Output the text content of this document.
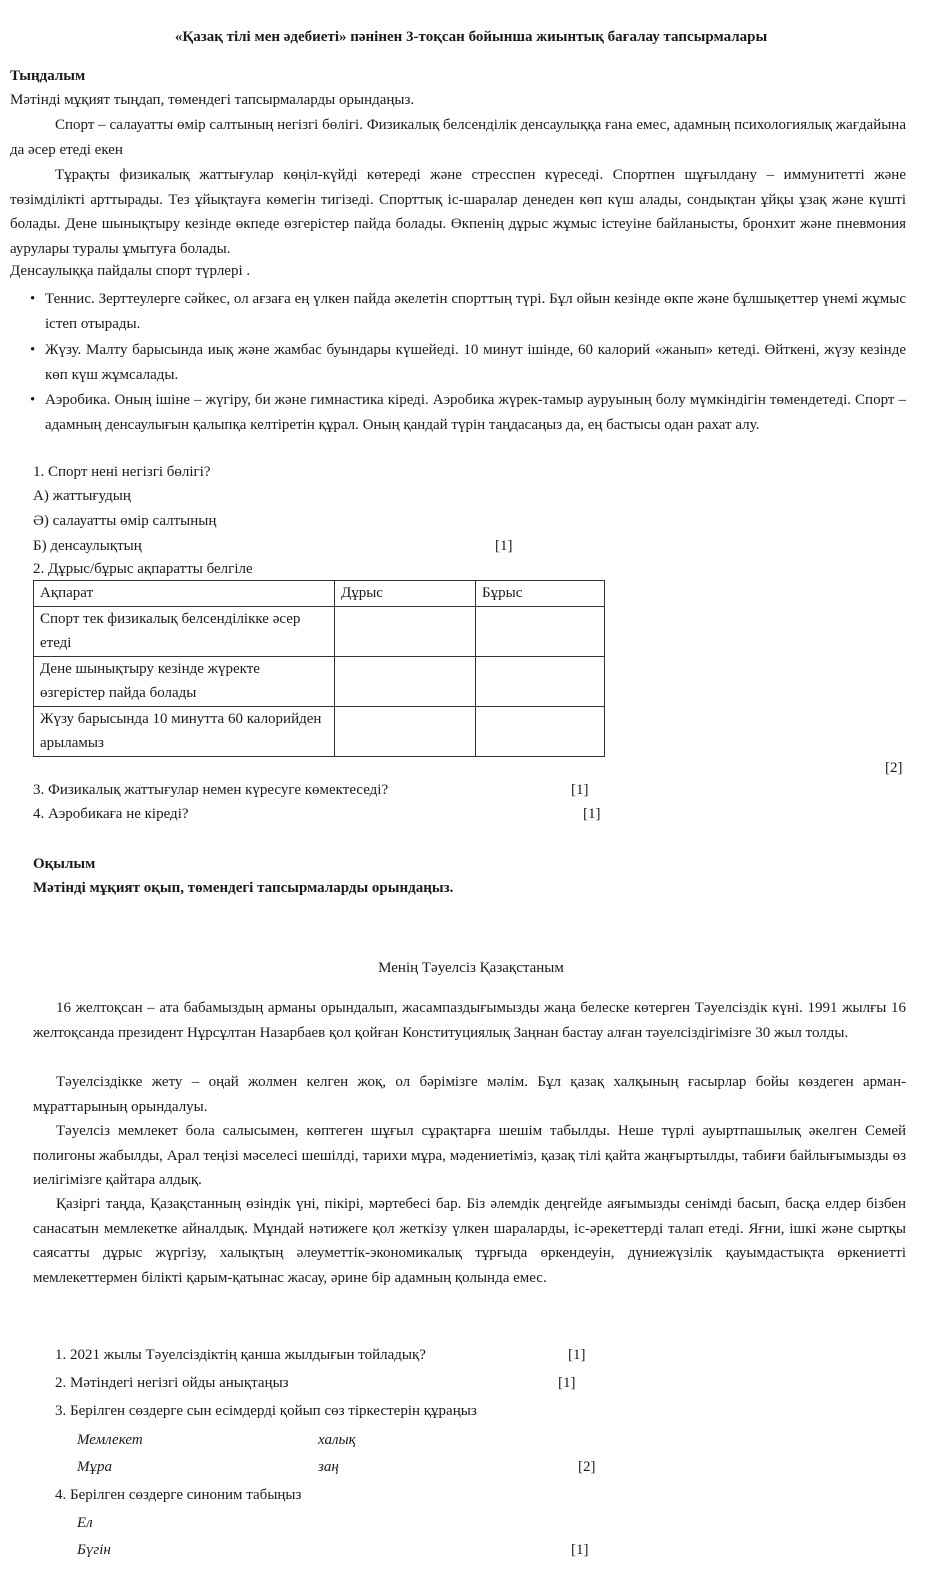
«Қазақ тілі мен әдебиеті» пәнінен 3-тоқсан бойынша жиынтық бағалау тапсырмалары
Тыңдалым
Мәтінді мұқият тыңдап, төмендегі тапсырмаларды орындаңыз.
Спорт – салауатты өмір салтының негізгі бөлігі. Физикалық белсенділік денсаулыққа ғана емес, адамның психологиялық жағдайына да әсер етеді екен
Тұрақты физикалық жаттығулар көңіл-күйді көтереді және стресспен күреседі. Спортпен шұғылдану – иммунитетті және төзімділікті арттырады. Тез ұйықтауға көмегін тигізеді. Спорттық іс-шаралар денеден көп күш алады, сондықтан ұйқы ұзақ және күшті болады. Дене шынықтыру кезінде өкпеде өзгерістер пайда болады. Өкпенің дұрыс жұмыс істеуіне байланысты, бронхит және пневмония аурулары туралы ұмытуға болады.
Денсаулыққа пайдалы спорт түрлері .
• Теннис. Зерттеулерге сәйкес, ол ағзаға ең үлкен пайда әкелетін спорттың түрі. Бұл ойын кезінде өкпе және бұлшықеттер үнемі жұмыс істеп отырады.
• Жүзу. Малту барысында иық және жамбас буындары күшейеді. 10 минут ішінде, 60 калорий «жанып» кетеді. Өйткені, жүзу кезінде көп күш жұмсалады.
• Аэробика. Оның ішіне – жүгіру, би және гимнастика кіреді. Аэробика жүрек-тамыр ауруының болу мүмкіндігін төмендетеді. Спорт – адамның денсаулығын қалыпқа келтіретін құрал. Оның қандай түрін таңдасаңыз да, ең бастысы одан рахат алу.
1. Спорт нені негізгі бөлігі?
А) жаттығудың
Ә) салауатты өмір салтының
Б) денсаулықтың	[1]
2. Дұрыс/бұрыс ақпаратты белгіле
Ақпарат	Дұрыс	Бұрыс
Спорт тек физикалық белсенділікке әсер етеді		
Дене шынықтыру кезінде жүректе өзгерістер пайда болады		
Жүзу барысында 10 минутта 60 калорийден арыламыз		
[2]
3. Физикалық жаттығулар немен күресуге көмектеседі?	[1]
4. Аэробикаға не кіреді?	[1]
Оқылым
Мәтінді мұқият оқып, төмендегі тапсырмаларды орындаңыз.
Менің Тәуелсіз Қазақстаным
16 желтоқсан – ата бабамыздың арманы орындалып, жасампаздығымызды жаңа белеске көтерген Тәуелсіздік күні. 1991 жылғы 16 желтоқсанда президент Нұрсұлтан Назарбаев қол қойған Конституциялық Заңнан бастау алған тәуелсіздігімізге 30 жыл толды.
Тәуелсіздікке жету – оңай жолмен келген жоқ, ол бәрімізге мәлім. Бұл қазақ халқының ғасырлар бойы көздеген арман-мұраттарының орындалуы.
Тәуелсіз мемлекет бола салысымен, көптеген шұғыл сұрақтарға шешім табылды. Неше түрлі ауыртпашылық әкелген Семей полигоны жабылды, Арал теңізі мәселесі шешілді, тарихи мұра, мәдениетіміз, қазақ тілі қайта жаңғыртылды, табиғи байлығымызды өз иелігімізге қайтара алдық.
Қазіргі таңда, Қазақстанның өзіндік үні, пікірі, мәртебесі бар. Біз әлемдік деңгейде аяғымызды сенімді басып, басқа елдер бізбен санасатын мемлекетке айналдық. Мұндай нәтижеге қол жеткізу үлкен шараларды, іс-әрекеттерді талап етеді. Яғни, ішкі және сыртқы саясатты дұрыс жүргізу, халықтың әлеуметтік-экономикалық тұрғыда өркендеуін, дүниежүзілік қауымдастықта өркениетті мемлекеттермен білікті қарым-қатынас жасау, әрине бір адамның қолында емес.
1. 2021 жылы Тәуелсіздіктің қанша жылдығын тойладық?	[1]
2. Мәтіндегі негізгі ойды анықтаңыз	[1]
3. Берілген сөздерге сын есімдерді қойып сөз тіркестерін құраңыз
Мемлекет	халық
Мұра	заң	[2]
4. Берілген сөздерге синоним табыңыз
Ел
Бүгін	[1]
